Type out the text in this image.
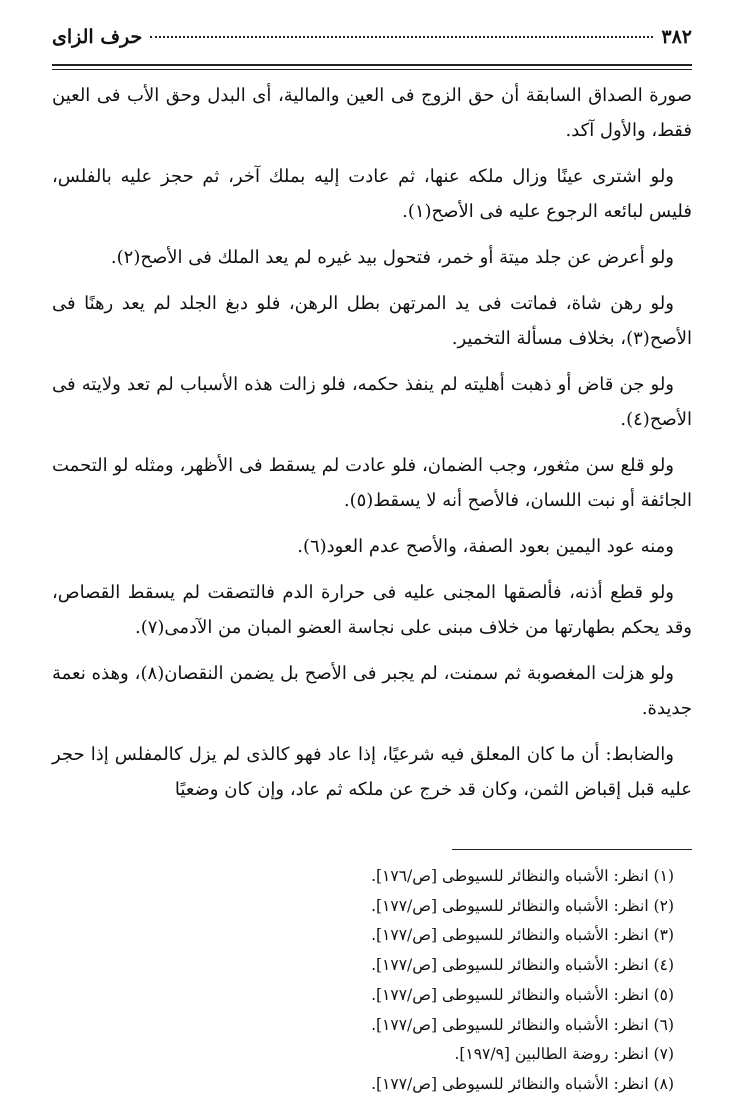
٣٨٢
حرف الزاى

صورة الصداق السابقة أن حق الزوج فى العين والمالية، أى البدل وحق الأب فى العين فقط، والأول آكد.

ولو اشترى عينًا وزال ملكه عنها، ثم عادت إليه بملك آخر، ثم حجز عليه بالفلس، فليس لبائعه الرجوع عليه فى الأصح(١).

ولو أعرض عن جلد ميتة أو خمر، فتحول بيد غيره لم يعد الملك فى الأصح(٢).

ولو رهن شاة، فماتت فى يد المرتهن بطل الرهن، فلو دبغ الجلد لم يعد رهنًا فى الأصح(٣)، بخلاف مسألة التخمير.

ولو جن قاض أو ذهبت أهليته لم ينفذ حكمه، فلو زالت هذه الأسباب لم تعد ولايته فى الأصح(٤).

ولو قلع سن مثغور، وجب الضمان، فلو عادت لم يسقط فى الأظهر، ومثله لو التحمت الجائفة أو نبت اللسان، فالأصح أنه لا يسقط(٥).

ومنه عود اليمين بعود الصفة، والأصح عدم العود(٦).

ولو قطع أذنه، فألصقها المجنى عليه فى حرارة الدم فالتصقت لم يسقط القصاص، وقد يحكم بطهارتها من خلاف مبنى على نجاسة العضو المبان من الآدمى(٧).

ولو هزلت المغصوبة ثم سمنت، لم يجبر فى الأصح بل يضمن النقصان(٨)، وهذه نعمة جديدة.

والضابط: أن ما كان المعلق فيه شرعيًا، إذا عاد فهو كالذى لم يزل كالمفلس إذا حجر عليه قبل إقباض الثمن، وكان قد خرج عن ملكه ثم عاد، وإن كان وضعيًا

(١) انظر: الأشباه والنظائر للسيوطى [ص/١٧٦].
(٢) انظر: الأشباه والنظائر للسيوطى [ص/١٧٧].
(٣) انظر: الأشباه والنظائر للسيوطى [ص/١٧٧].
(٤) انظر: الأشباه والنظائر للسيوطى [ص/١٧٧].
(٥) انظر: الأشباه والنظائر للسيوطى [ص/١٧٧].
(٦) انظر: الأشباه والنظائر للسيوطى [ص/١٧٧].
(٧) انظر: روضة الطالبين [١٩٧/٩].
(٨) انظر: الأشباه والنظائر للسيوطى [ص/١٧٧].
